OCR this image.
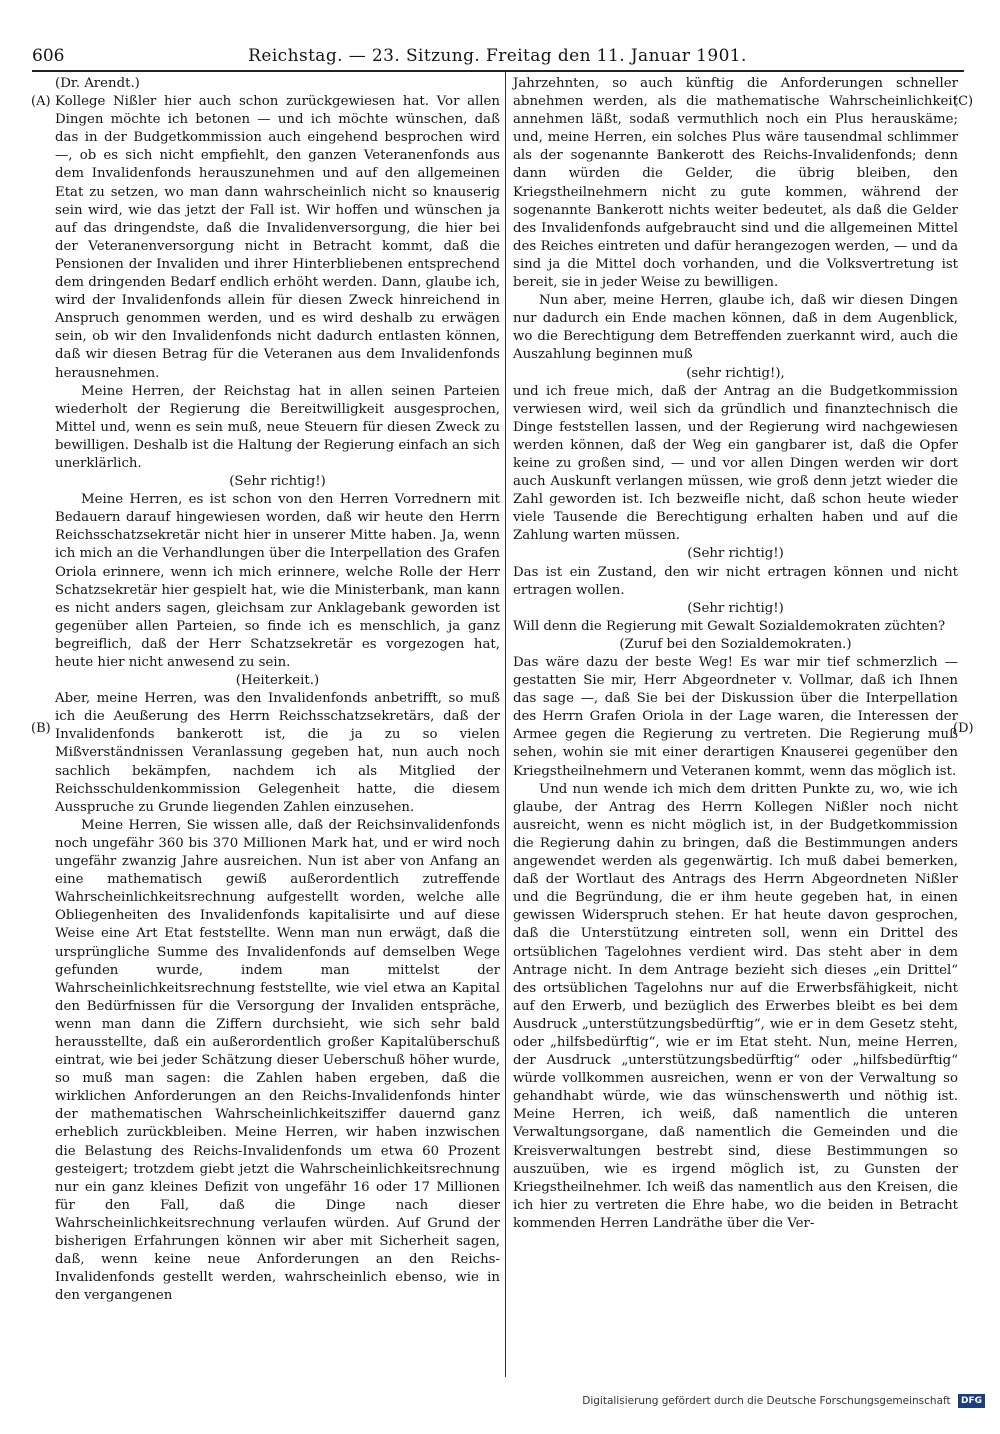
606	Reichstag. — 23. Sitzung. Freitag den 11. Januar 1901.
(A)
(B)
(C)
(D)

(Dr. Arendt.)

Kollege Nißler hier auch schon zurückgewiesen hat. Vor allen Dingen möchte ich betonen — und ich möchte wünschen, daß das in der Budgetkommission auch eingehend besprochen wird —, ob es sich nicht empfiehlt, den ganzen Veteranenfonds aus dem Invalidenfonds herauszunehmen und auf den allgemeinen Etat zu setzen, wo man dann wahrscheinlich nicht so knauserig sein wird, wie das jetzt der Fall ist. Wir hoffen und wünschen ja auf das dringendste, daß die Invalidenversorgung, die hier bei der Veteranenversorgung nicht in Betracht kommt, daß die Pensionen der Invaliden und ihrer Hinterbliebenen entsprechend dem dringenden Bedarf endlich erhöht werden. Dann, glaube ich, wird der Invalidenfonds allein für diesen Zweck hinreichend in Anspruch genommen werden, und es wird deshalb zu erwägen sein, ob wir den Invalidenfonds nicht dadurch entlasten können, daß wir diesen Betrag für die Veteranen aus dem Invalidenfonds herausnehmen.

Meine Herren, der Reichstag hat in allen seinen Parteien wiederholt der Regierung die Bereitwilligkeit ausgesprochen, Mittel und, wenn es sein muß, neue Steuern für diesen Zweck zu bewilligen. Deshalb ist die Haltung der Regierung einfach an sich unerklärlich.

(Sehr richtig!)

Meine Herren, es ist schon von den Herren Vorrednern mit Bedauern darauf hingewiesen worden, daß wir heute den Herrn Reichsschatzsekretär nicht hier in unserer Mitte haben. Ja, wenn ich mich an die Verhandlungen über die Interpellation des Grafen Oriola erinnere, wenn ich mich erinnere, welche Rolle der Herr Schatzsekretär hier gespielt hat, wie die Ministerbank, man kann es nicht anders sagen, gleichsam zur Anklagebank geworden ist gegenüber allen Parteien, so finde ich es menschlich, ja ganz begreiflich, daß der Herr Schatzsekretär es vorgezogen hat, heute hier nicht anwesend zu sein.

(Heiterkeit.)

Aber, meine Herren, was den Invalidenfonds anbetrifft, so muß ich die Aeußerung des Herrn Reichsschatzsekretärs, daß der Invalidenfonds bankerott ist, die ja zu so vielen Mißverständnissen Veranlassung gegeben hat, nun auch noch sachlich bekämpfen, nachdem ich als Mitglied der Reichsschuldenkommission Gelegenheit hatte, die diesem Ausspruche zu Grunde liegenden Zahlen einzusehen.

Meine Herren, Sie wissen alle, daß der Reichsinvalidenfonds noch ungefähr 360 bis 370 Millionen Mark hat, und er wird noch ungefähr zwanzig Jahre ausreichen. Nun ist aber von Anfang an eine mathematisch gewiß außerordentlich zutreffende Wahrscheinlichkeitsrechnung aufgestellt worden, welche alle Obliegenheiten des Invalidenfonds kapitalisirte und auf diese Weise eine Art Etat feststellte. Wenn man nun erwägt, daß die ursprüngliche Summe des Invalidenfonds auf demselben Wege gefunden wurde, indem man mittelst der Wahrscheinlichkeitsrechnung feststellte, wie viel etwa an Kapital den Bedürfnissen für die Versorgung der Invaliden entspräche, wenn man dann die Ziffern durchsieht, wie sich sehr bald herausstellte, daß ein außerordentlich großer Kapitalüberschuß eintrat, wie bei jeder Schätzung dieser Ueberschuß höher wurde, so muß man sagen: die Zahlen haben ergeben, daß die wirklichen Anforderungen an den Reichs-Invalidenfonds hinter der mathematischen Wahrscheinlichkeitsziffer dauernd ganz erheblich zurückbleiben. Meine Herren, wir haben inzwischen die Belastung des Reichs-Invalidenfonds um etwa 60 Prozent gesteigert; trotzdem giebt jetzt die Wahrscheinlichkeitsrechnung nur ein ganz kleines Defizit von ungefähr 16 oder 17 Millionen für den Fall, daß die Dinge nach dieser Wahrscheinlichkeitsrechnung verlaufen würden. Auf Grund der bisherigen Erfahrungen können wir aber mit Sicherheit sagen, daß, wenn keine neue Anforderungen an den Reichs-Invalidenfonds gestellt werden, wahrscheinlich ebenso, wie in den vergangenen

Jahrzehnten, so auch künftig die Anforderungen schneller abnehmen werden, als die mathematische Wahrscheinlichkeit annehmen läßt, sodaß vermuthlich noch ein Plus herauskäme; und, meine Herren, ein solches Plus wäre tausendmal schlimmer als der sogenannte Bankerott des Reichs-Invalidenfonds; denn dann würden die Gelder, die übrig bleiben, den Kriegstheilnehmern nicht zu gute kommen, während der sogenannte Bankerott nichts weiter bedeutet, als daß die Gelder des Invalidenfonds aufgebraucht sind und die allgemeinen Mittel des Reiches eintreten und dafür herangezogen werden, — und da sind ja die Mittel doch vorhanden, und die Volksvertretung ist bereit, sie in jeder Weise zu bewilligen.

Nun aber, meine Herren, glaube ich, daß wir diesen Dingen nur dadurch ein Ende machen können, daß in dem Augenblick, wo die Berechtigung dem Betreffenden zuerkannt wird, auch die Auszahlung beginnen muß

(sehr richtig!),

und ich freue mich, daß der Antrag an die Budgetkommission verwiesen wird, weil sich da gründlich und finanztechnisch die Dinge feststellen lassen, und der Regierung wird nachgewiesen werden können, daß der Weg ein gangbarer ist, daß die Opfer keine zu großen sind, — und vor allen Dingen werden wir dort auch Auskunft verlangen müssen, wie groß denn jetzt wieder die Zahl geworden ist. Ich bezweifle nicht, daß schon heute wieder viele Tausende die Berechtigung erhalten haben und auf die Zahlung warten müssen.

(Sehr richtig!)

Das ist ein Zustand, den wir nicht ertragen können und nicht ertragen wollen.

(Sehr richtig!)

Will denn die Regierung mit Gewalt Sozialdemokraten züchten?

(Zuruf bei den Sozialdemokraten.)

Das wäre dazu der beste Weg! Es war mir tief schmerzlich — gestatten Sie mir, Herr Abgeordneter v. Vollmar, daß ich Ihnen das sage —, daß Sie bei der Diskussion über die Interpellation des Herrn Grafen Oriola in der Lage waren, die Interessen der Armee gegen die Regierung zu vertreten. Die Regierung muß sehen, wohin sie mit einer derartigen Knauserei gegenüber den Kriegstheilnehmern und Veteranen kommt, wenn das möglich ist.

Und nun wende ich mich dem dritten Punkte zu, wo, wie ich glaube, der Antrag des Herrn Kollegen Nißler noch nicht ausreicht, wenn es nicht möglich ist, in der Budgetkommission die Regierung dahin zu bringen, daß die Bestimmungen anders angewendet werden als gegenwärtig. Ich muß dabei bemerken, daß der Wortlaut des Antrags des Herrn Abgeordneten Nißler und die Begründung, die er ihm heute gegeben hat, in einen gewissen Widerspruch stehen. Er hat heute davon gesprochen, daß die Unterstützung eintreten soll, wenn ein Drittel des ortsüblichen Tagelohnes verdient wird. Das steht aber in dem Antrage nicht. In dem Antrage bezieht sich dieses „ein Drittel“ des ortsüblichen Tagelohns nur auf die Erwerbsfähigkeit, nicht auf den Erwerb, und bezüglich des Erwerbes bleibt es bei dem Ausdruck „unterstützungsbedürftig“, wie er in dem Gesetz steht, oder „hilfsbedürftig“, wie er im Etat steht. Nun, meine Herren, der Ausdruck „unterstützungsbedürftig“ oder „hilfsbedürftig“ würde vollkommen ausreichen, wenn er von der Verwaltung so gehandhabt würde, wie das wünschenswerth und nöthig ist. Meine Herren, ich weiß, daß namentlich die unteren Verwaltungsorgane, daß namentlich die Gemeinden und die Kreisverwaltungen bestrebt sind, diese Bestimmungen so auszuüben, wie es irgend möglich ist, zu Gunsten der Kriegstheilnehmer. Ich weiß das namentlich aus den Kreisen, die ich hier zu vertreten die Ehre habe, wo die beiden in Betracht kommenden Herren Landräthe über die Ver-

Digitalisierung gefördert durch die Deutsche Forschungsgemeinschaft DFG
